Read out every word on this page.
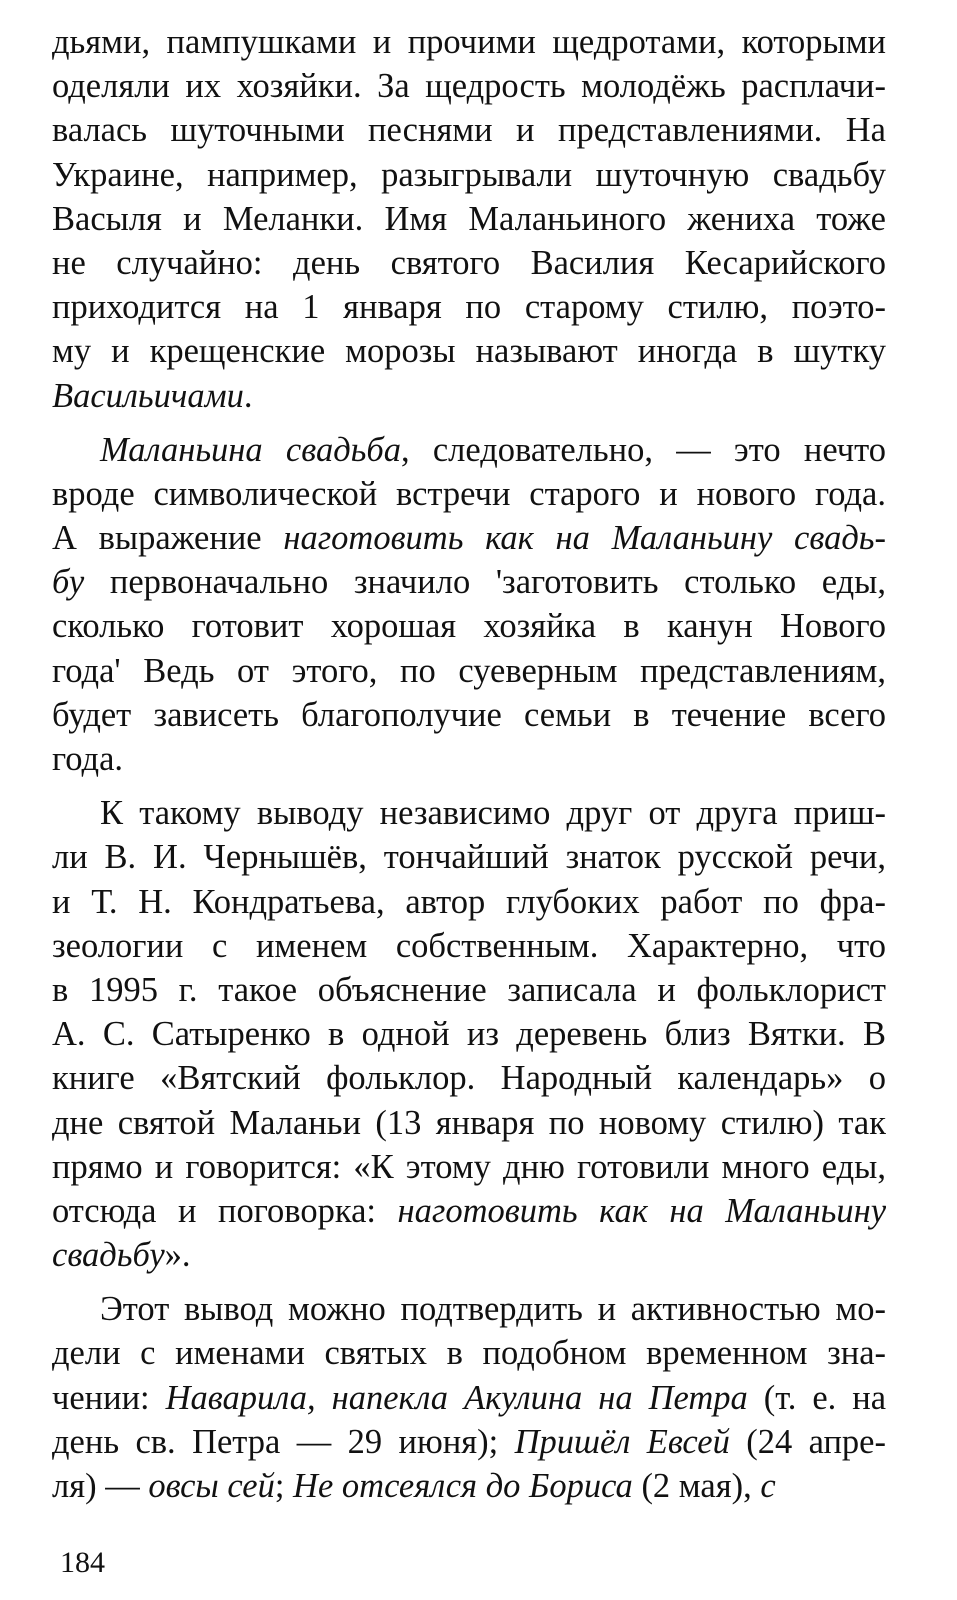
дьями, пампушками и прочими щедротами, которыми
оделяли их хозяйки. За щедрость молодёжь расплачи-
валась шуточными песнями и представлениями. На
Украине, например, разыгрывали шуточную свадьбу
Васыля и Меланки. Имя Маланьиного жениха тоже
не случайно: день святого Василия Кесарийского
приходится на 1 января по старому стилю, поэто-
му и крещенские морозы называют иногда в шутку
Васильичами.
Маланьина свадьба, следовательно, — это нечто
вроде символической встречи старого и нового года.
А выражение наготовить как на Маланьину свадь-
бу первоначально значило 'заготовить столько еды,
сколько готовит хорошая хозяйка в канун Нового
года' Ведь от этого, по суеверным представлениям,
будет зависеть благополучие семьи в течение всего
года.
К такому выводу независимо друг от друга приш-
ли В. И. Чернышёв, тончайший знаток русской речи,
и Т. Н. Кондратьева, автор глубоких работ по фра-
зеологии с именем собственным. Характерно, что
в 1995 г. такое объяснение записала и фольклорист
А. С. Сатыренко в одной из деревень близ Вятки. В
книге «Вятский фольклор. Народный календарь» о
дне святой Маланьи (13 января по новому стилю) так
прямо и говорится: «К этому дню готовили много еды,
отсюда и поговорка: наготовить как на Маланьину
свадьбу».
Этот вывод можно подтвердить и активностью мо-
дели с именами святых в подобном временном зна-
чении: Наварила, напекла Акулина на Петра (т. е. на
день св. Петра — 29 июня); Пришёл Евсей (24 апре-
ля) — овсы сей; Не отсеялся до Бориса (2 мая), с
184
